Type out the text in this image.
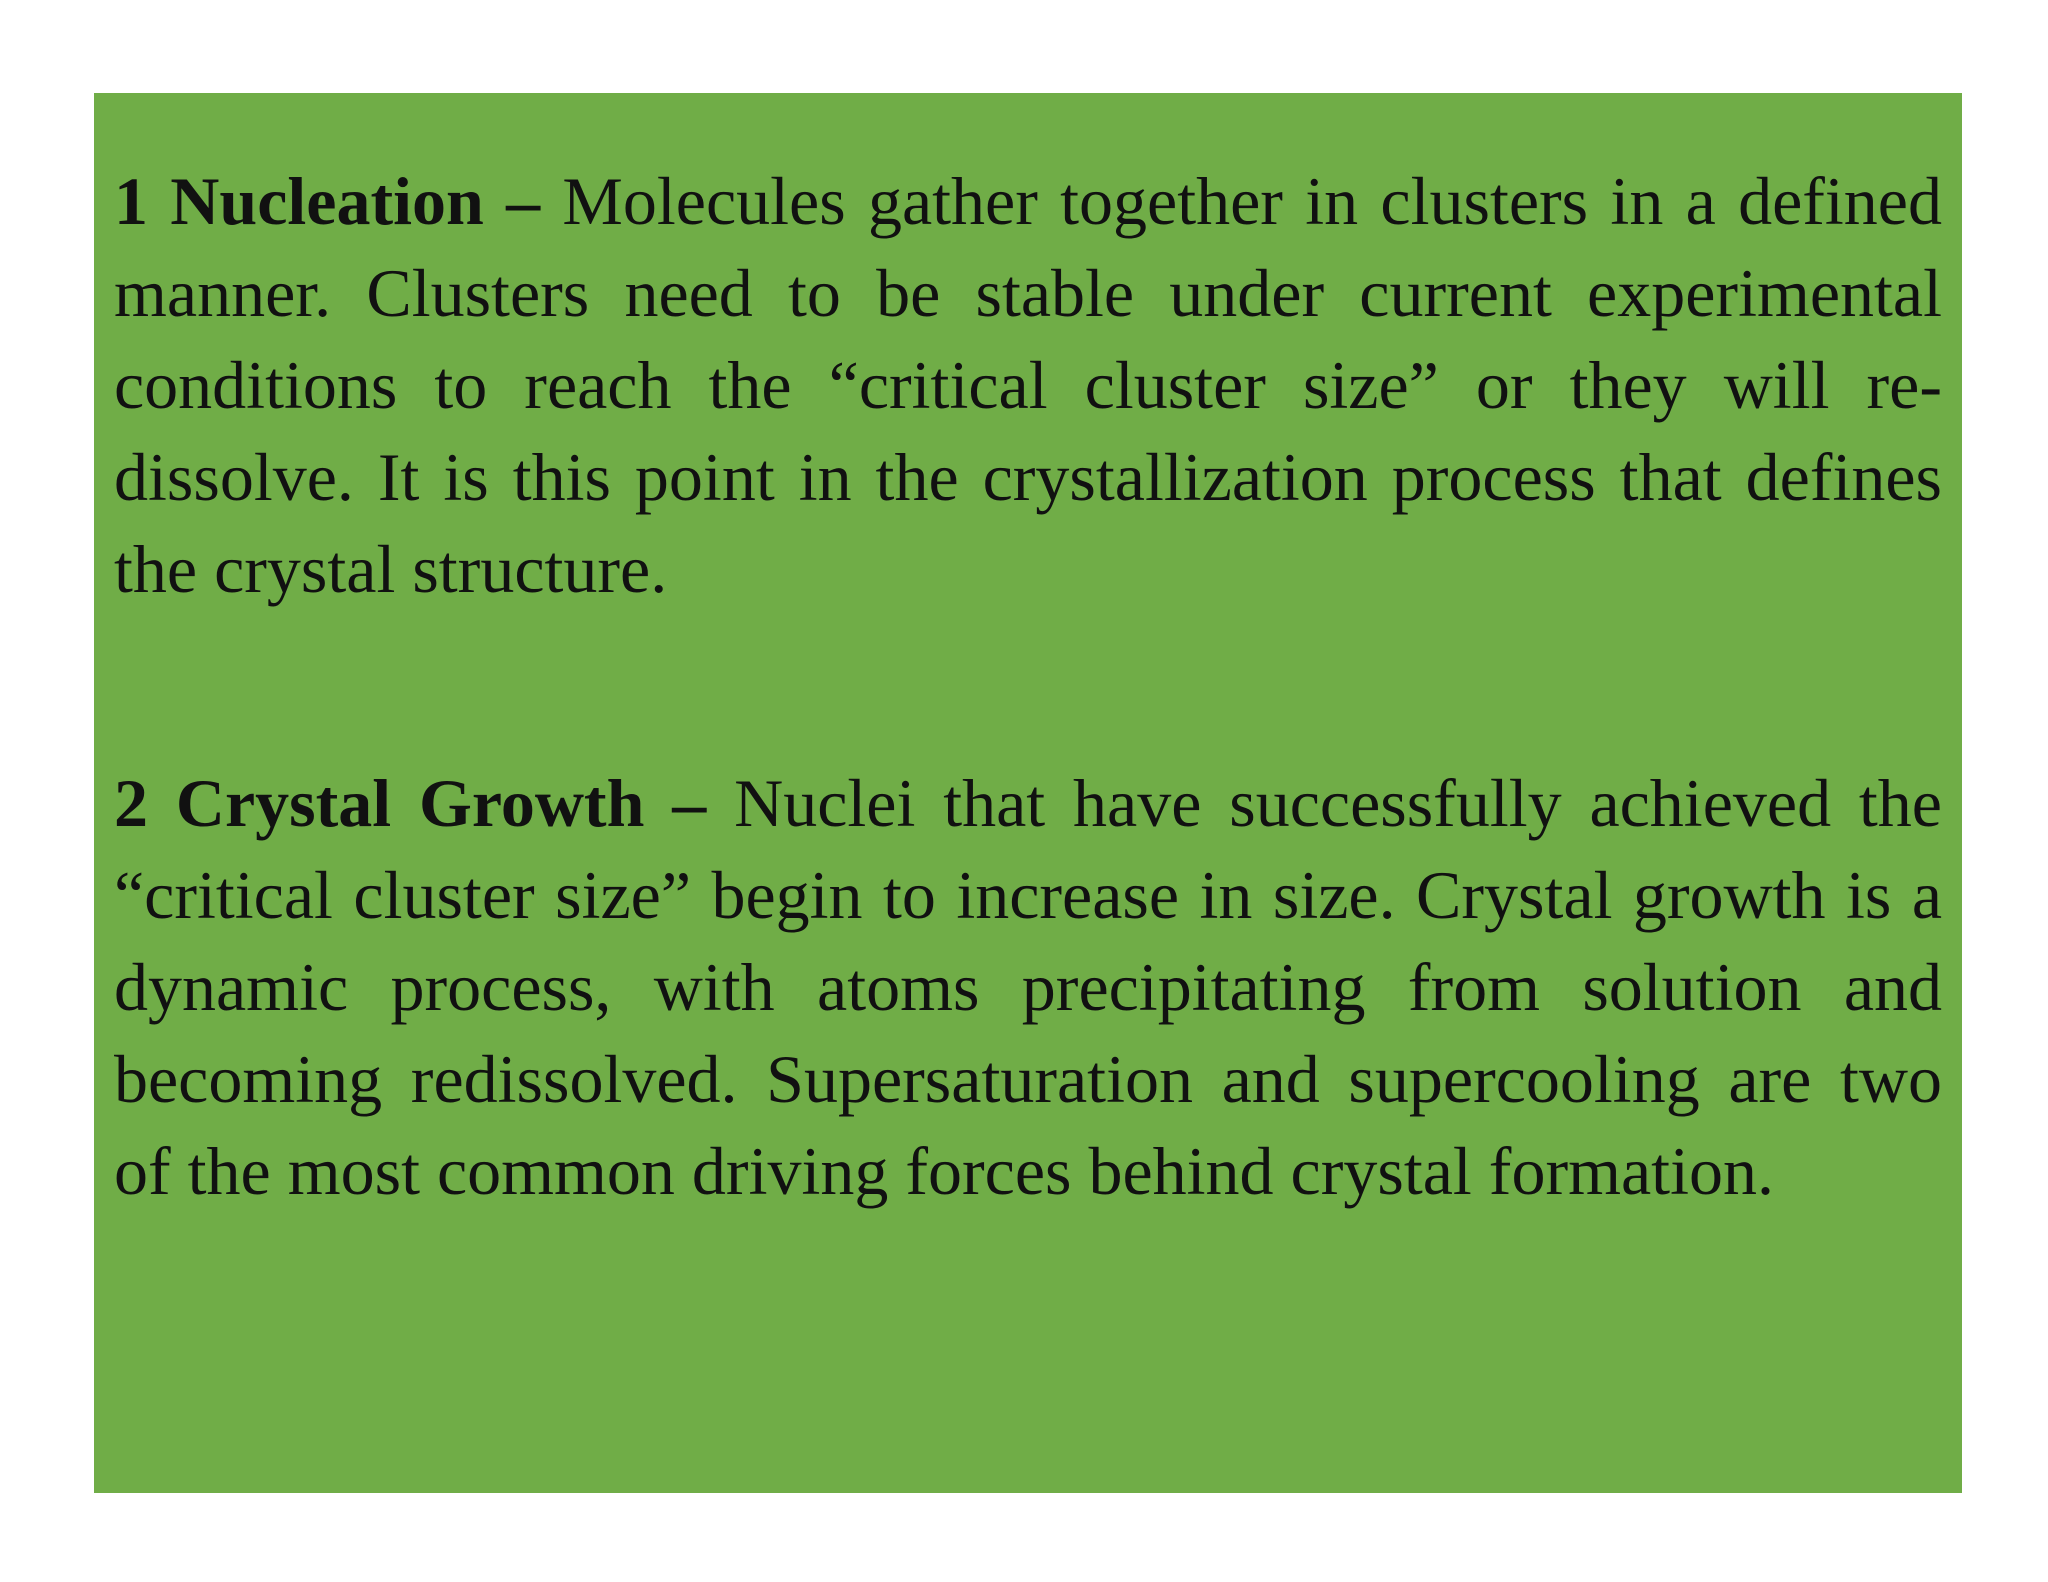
1 Nucleation – Molecules gather together in clusters in a defined manner. Clusters need to be stable under current experimental conditions to reach the “critical cluster size” or they will re-dissolve. It is this point in the crystallization process that defines the crystal structure.

2 Crystal Growth – Nuclei that have successfully achieved the “critical cluster size” begin to increase in size. Crystal growth is a dynamic process, with atoms precipitating from solution and becoming redissolved. Supersaturation and supercooling are two of the most common driving forces behind crystal formation.
